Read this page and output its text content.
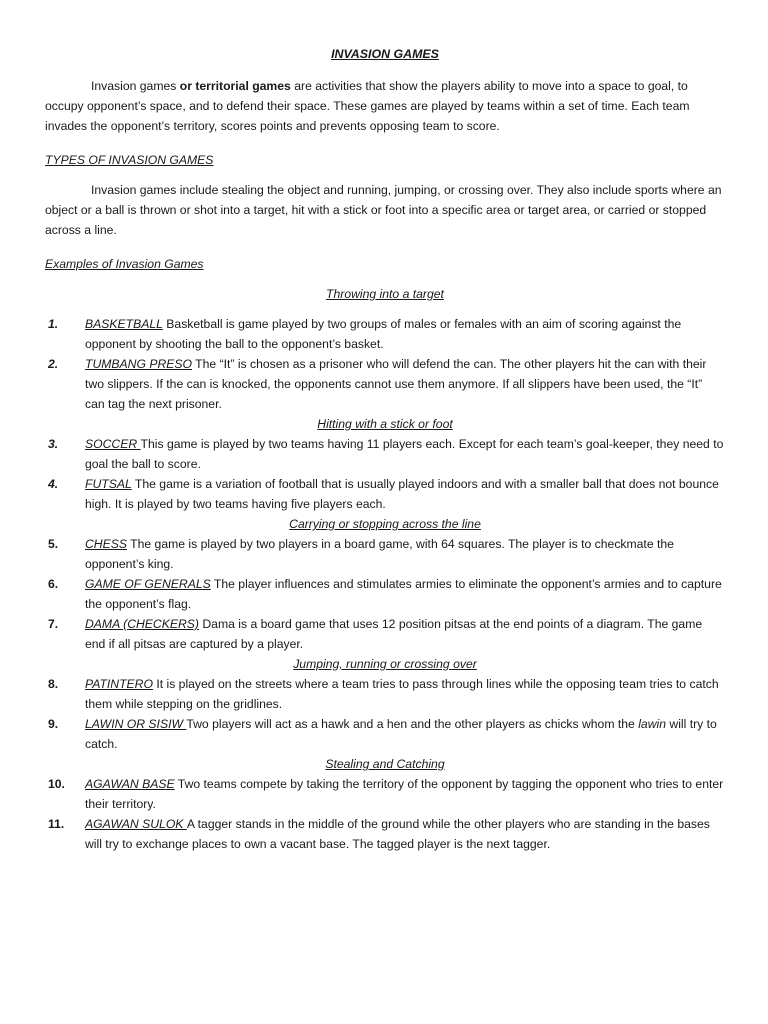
INVASION GAMES

Invasion games or territorial games are activities that show the players ability to move into a space to goal, to occupy opponent’s space, and to defend their space. These games are played by teams within a set of time. Each team invades the opponent’s territory, scores points and prevents opposing team to score.

TYPES OF INVASION GAMES

Invasion games include stealing the object and running, jumping, or crossing over. They also include sports where an object or a ball is thrown or shot into a target, hit with a stick or foot into a specific area or target area, or carried or stopped across a line.

Examples of Invasion Games
Throwing into a target
1.	BASKETBALL Basketball is game played by two groups of males or females with an aim of scoring against the opponent by shooting the ball to the opponent’s basket.
2.	TUMBANG PRESO The “It” is chosen as a prisoner who will defend the can. The other players hit the can with their two slippers. If the can is knocked, the opponents cannot use them anymore. If all slippers have been used, the “It” can tag the next prisoner.
Hitting with a stick or foot
3.	SOCCER This game is played by two teams having 11 players each. Except for each team’s goal-keeper, they need to goal the ball to score.
4.	FUTSAL The game is a variation of football that is usually played indoors and with a smaller ball that does not bounce high. It is played by two teams having five players each.
Carrying or stopping across the line
5.	CHESS The game is played by two players in a board game, with 64 squares. The player is to checkmate the opponent’s king.
6.	GAME OF GENERALS The player influences and stimulates armies to eliminate the opponent’s armies and to capture the opponent’s flag.
7.	DAMA (CHECKERS) Dama is a board game that uses 12 position pitsas at the end points of a diagram. The game end if all pitsas are captured by a player.
Jumping, running or crossing over
8.	PATINTERO It is played on the streets where a team tries to pass through lines while the opposing team tries to catch them while stepping on the gridlines.
9.	LAWIN OR SISIW Two players will act as a hawk and a hen and the other players as chicks whom the lawin will try to catch.
Stealing and Catching
10.	AGAWAN BASE Two teams compete by taking the territory of the opponent by tagging the opponent who tries to enter their territory.
11.	AGAWAN SULOK A tagger stands in the middle of the ground while the other players who are standing in the bases will try to exchange places to own a vacant base. The tagged player is the next tagger.
